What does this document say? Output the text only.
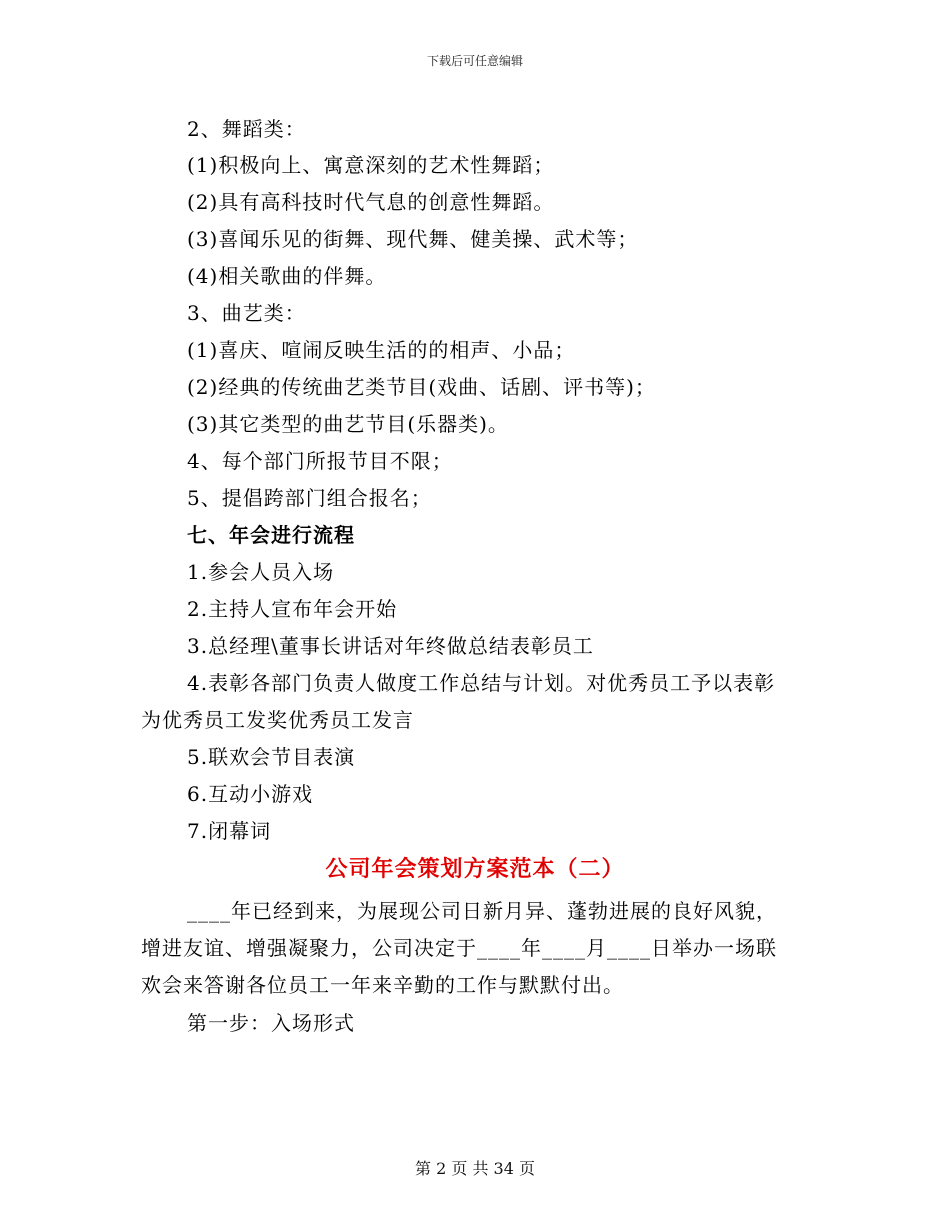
下载后可任意编辑
2、舞蹈类：
(1)积极向上、寓意深刻的艺术性舞蹈；
(2)具有高科技时代气息的创意性舞蹈。
(3)喜闻乐见的街舞、现代舞、健美操、武术等；
(4)相关歌曲的伴舞。
3、曲艺类：
(1)喜庆、喧闹反映生活的的相声、小品；
(2)经典的传统曲艺类节目(戏曲、话剧、评书等)；
(3)其它类型的曲艺节目(乐器类)。
4、每个部门所报节目不限；
5、提倡跨部门组合报名；
七、年会进行流程
1.参会人员入场
2.主持人宣布年会开始
3.总经理\董事长讲话对年终做总结表彰员工
4.表彰各部门负责人做度工作总结与计划。对优秀员工予以表彰
为优秀员工发奖优秀员工发言
5.联欢会节目表演
6.互动小游戏
7.闭幕词
公司年会策划方案范本（二）
____年已经到来，为展现公司日新月异、蓬勃进展的良好风貌，
增进友谊、增强凝聚力，公司决定于____年____月____日举办一场联
欢会来答谢各位员工一年来辛勤的工作与默默付出。
第一步：入场形式
第 2 页 共 34 页
